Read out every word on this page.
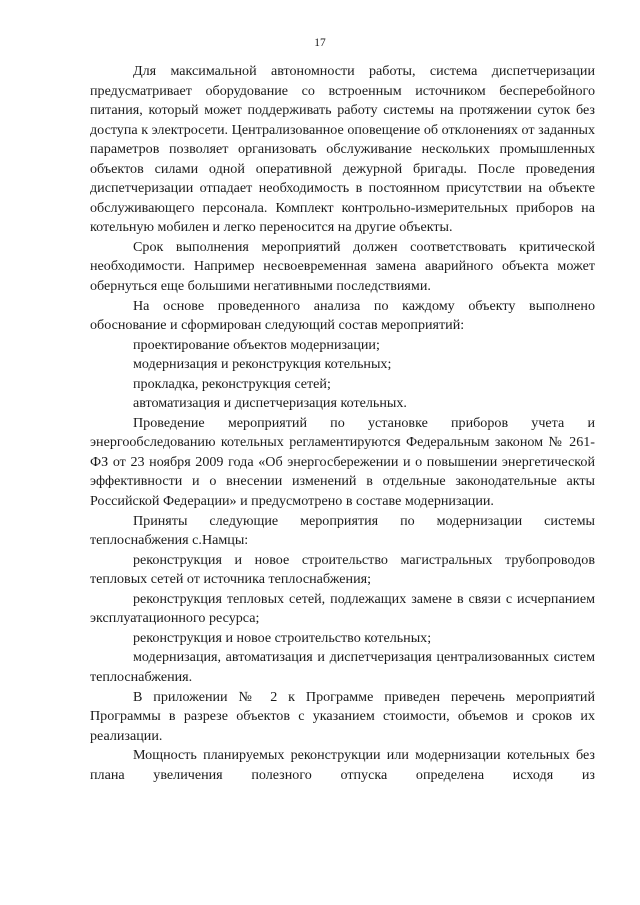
17

Для максимальной автономности работы, система диспетчеризации предусматривает оборудование со встроенным источником бесперебойного питания, который может поддерживать работу системы на протяжении суток без доступа к электросети. Централизованное оповещение об отклонениях от заданных параметров позволяет организовать обслуживание нескольких промышленных объектов силами одной оперативной дежурной бригады. После проведения диспетчеризации отпадает необходимость в постоянном присутствии на объекте обслуживающего персонала. Комплект контрольно-измерительных приборов на котельную мобилен и легко переносится на другие объекты.

Срок выполнения мероприятий должен соответствовать критической необходимости. Например несвоевременная замена аварийного объекта может обернуться еще большими негативными последствиями.

На основе проведенного анализа по каждому объекту выполнено обоснование и сформирован следующий состав мероприятий:

проектирование объектов модернизации;

модернизация и реконструкция котельных;

прокладка, реконструкция сетей;

автоматизация и диспетчеризация котельных.

Проведение мероприятий по установке приборов учета и энергообследованию котельных регламентируются Федеральным законом № 261-ФЗ от 23 ноября 2009 года «Об энергосбережении и о повышении энергетической эффективности и о внесении изменений в отдельные законодательные акты Российской Федерации» и предусмотрено в составе модернизации.

Приняты следующие мероприятия по модернизации системы теплоснабжения с.Намцы:

реконструкция и новое строительство магистральных трубопроводов тепловых сетей от источника теплоснабжения;

реконструкция тепловых сетей, подлежащих замене в связи с исчерпанием эксплуатационного ресурса;

реконструкция и новое строительство котельных;

модернизация, автоматизация и диспетчеризация централизованных систем теплоснабжения.

В приложении № 2 к Программе приведен перечень мероприятий Программы в разрезе объектов с указанием стоимости, объемов и сроков их реализации.

Мощность планируемых реконструкции или модернизации котельных без плана увеличения полезного отпуска определена исходя из
